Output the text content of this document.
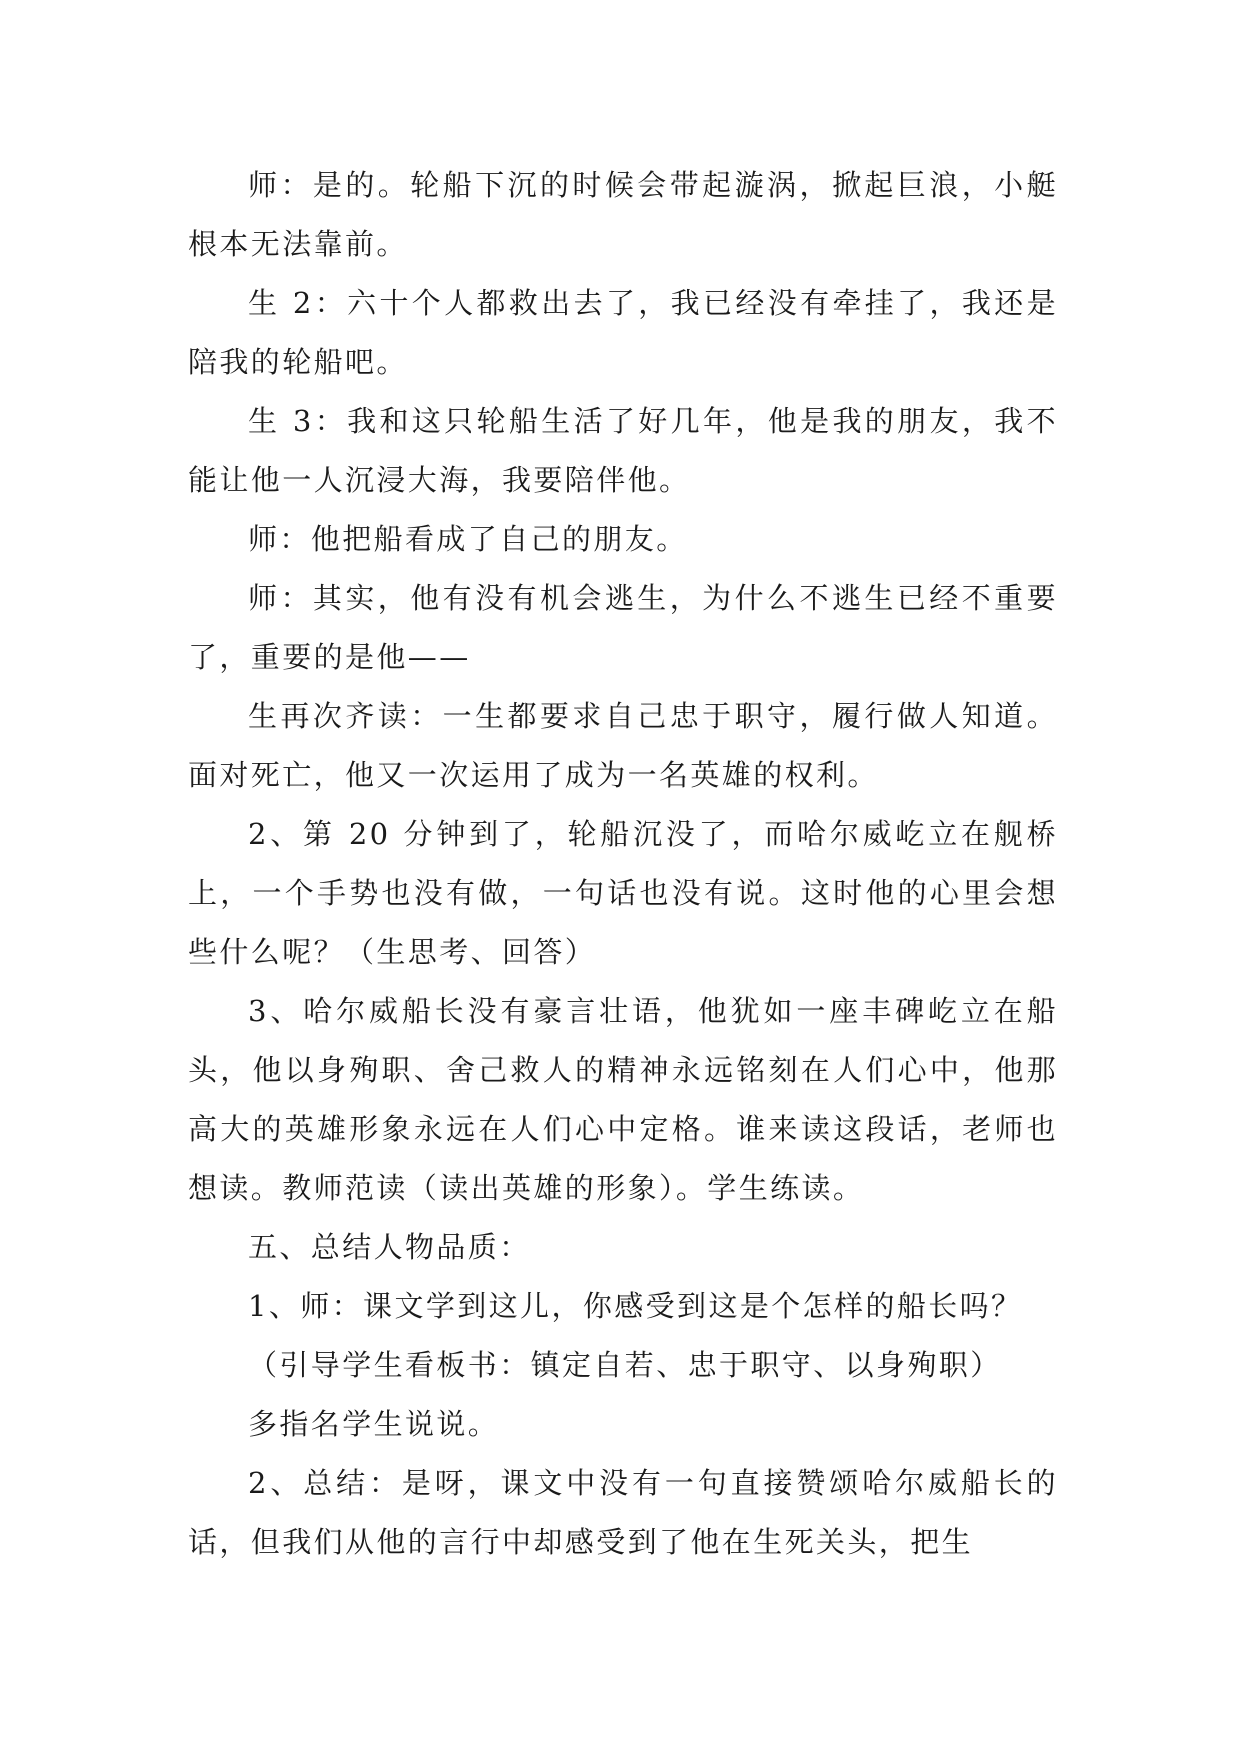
师：是的。轮船下沉的时候会带起漩涡，掀起巨浪，小艇根本无法靠前。

生 2：六十个人都救出去了，我已经没有牵挂了，我还是陪我的轮船吧。

生 3：我和这只轮船生活了好几年，他是我的朋友，我不能让他一人沉浸大海，我要陪伴他。

师：他把船看成了自己的朋友。

师：其实，他有没有机会逃生，为什么不逃生已经不重要了，重要的是他——

生再次齐读：一生都要求自己忠于职守，履行做人知道。面对死亡，他又一次运用了成为一名英雄的权利。

2、第 20 分钟到了，轮船沉没了，而哈尔威屹立在舰桥上，一个手势也没有做，一句话也没有说。这时他的心里会想些什么呢？（生思考、回答）

3、哈尔威船长没有豪言壮语，他犹如一座丰碑屹立在船头，他以身殉职、舍己救人的精神永远铭刻在人们心中，他那高大的英雄形象永远在人们心中定格。谁来读这段话，老师也想读。教师范读（读出英雄的形象）。学生练读。

五、总结人物品质：

1、师：课文学到这儿，你感受到这是个怎样的船长吗？

（引导学生看板书：镇定自若、忠于职守、以身殉职）

多指名学生说说。

2、总结：是呀，课文中没有一句直接赞颂哈尔威船长的话，但我们从他的言行中却感受到了他在生死关头，把生
